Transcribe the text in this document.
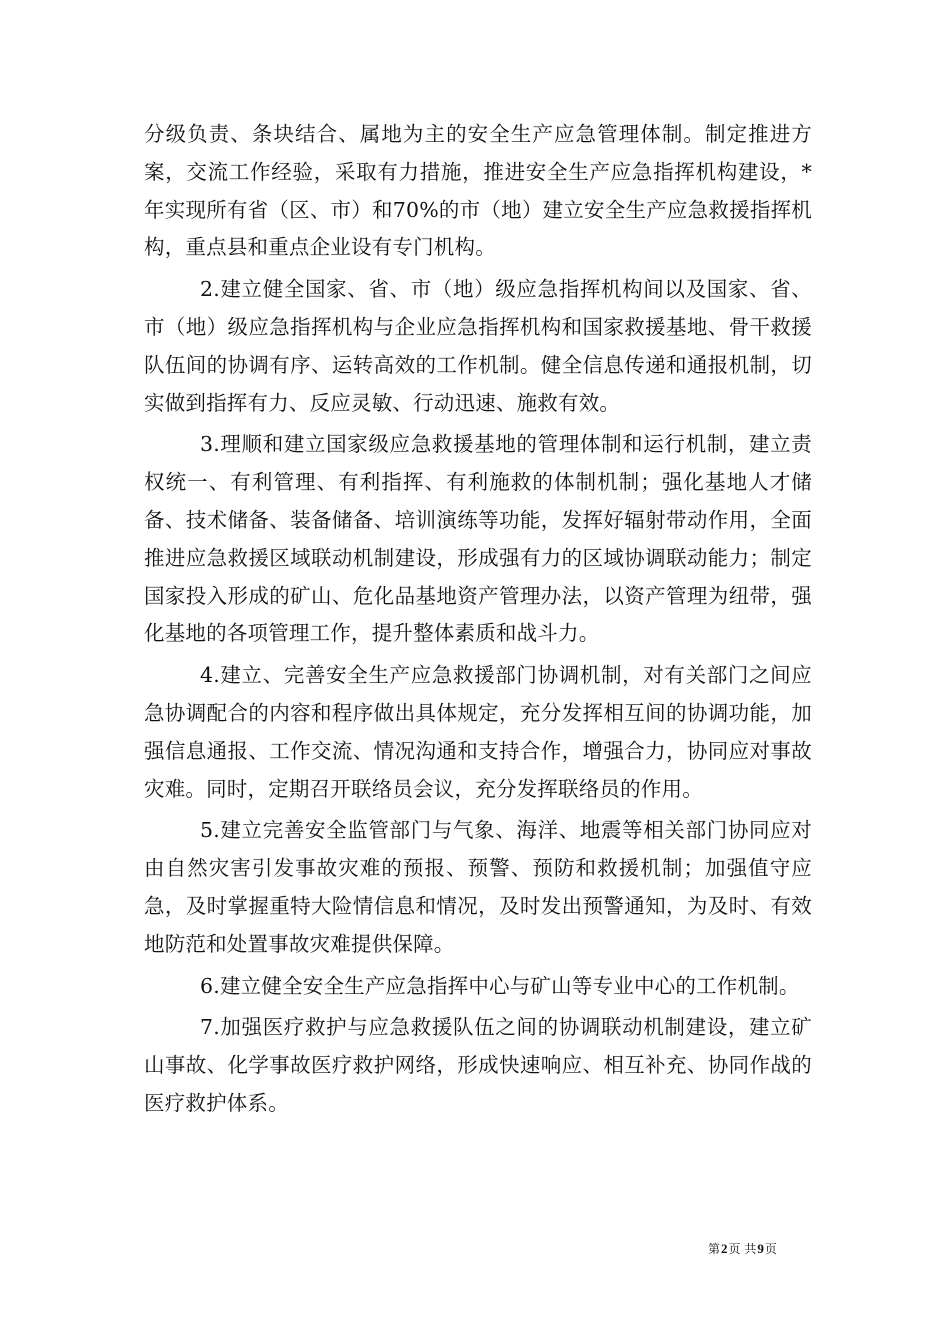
分级负责、条块结合、属地为主的安全生产应急管理体制。制定推进方案，交流工作经验，采取有力措施，推进安全生产应急指挥机构建设，*年实现所有省（区、市）和70%的市（地）建立安全生产应急救援指挥机构，重点县和重点企业设有专门机构。

2.建立健全国家、省、市（地）级应急指挥机构间以及国家、省、市（地）级应急指挥机构与企业应急指挥机构和国家救援基地、骨干救援队伍间的协调有序、运转高效的工作机制。健全信息传递和通报机制，切实做到指挥有力、反应灵敏、行动迅速、施救有效。

3.理顺和建立国家级应急救援基地的管理体制和运行机制，建立责权统一、有利管理、有利指挥、有利施救的体制机制；强化基地人才储备、技术储备、装备储备、培训演练等功能，发挥好辐射带动作用，全面推进应急救援区域联动机制建设，形成强有力的区域协调联动能力；制定国家投入形成的矿山、危化品基地资产管理办法，以资产管理为纽带，强化基地的各项管理工作，提升整体素质和战斗力。

4.建立、完善安全生产应急救援部门协调机制，对有关部门之间应急协调配合的内容和程序做出具体规定，充分发挥相互间的协调功能，加强信息通报、工作交流、情况沟通和支持合作，增强合力，协同应对事故灾难。同时，定期召开联络员会议，充分发挥联络员的作用。

5.建立完善安全监管部门与气象、海洋、地震等相关部门协同应对由自然灾害引发事故灾难的预报、预警、预防和救援机制；加强值守应急，及时掌握重特大险情信息和情况，及时发出预警通知，为及时、有效地防范和处置事故灾难提供保障。

6.建立健全安全生产应急指挥中心与矿山等专业中心的工作机制。

7.加强医疗救护与应急救援队伍之间的协调联动机制建设，建立矿山事故、化学事故医疗救护网络，形成快速响应、相互补充、协同作战的医疗救护体系。

第2页 共9页
